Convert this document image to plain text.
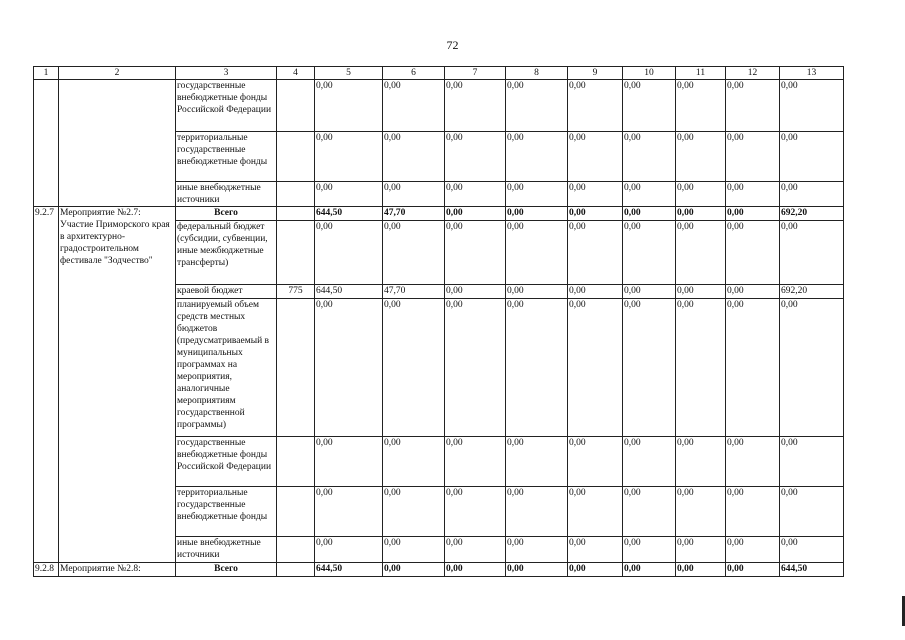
72
1	2	3	4	5	6	7	8	9	10	11	12	13
		государственные внебюджетные фонды Российской Федерации		0,00	0,00	0,00	0,00	0,00	0,00	0,00	0,00	0,00
		территориальные государственные внебюджетные фонды		0,00	0,00	0,00	0,00	0,00	0,00	0,00	0,00	0,00
		иные внебюджетные источники		0,00	0,00	0,00	0,00	0,00	0,00	0,00	0,00	0,00
9.2.7	Мероприятие №2.7: Участие Приморского края в архитектурно-градостроительном фестивале "Зодчество"	Всего		644,50	47,70	0,00	0,00	0,00	0,00	0,00	0,00	692,20
		федеральный бюджет (субсидии, субвенции, иные межбюджетные трансферты)		0,00	0,00	0,00	0,00	0,00	0,00	0,00	0,00	0,00
		краевой бюджет	775	644,50	47,70	0,00	0,00	0,00	0,00	0,00	0,00	692,20
		планируемый объем средств местных бюджетов (предусматриваемый в муниципальных программах на мероприятия, аналогичные мероприятиям государственной программы)		0,00	0,00	0,00	0,00	0,00	0,00	0,00	0,00	0,00
		государственные внебюджетные фонды Российской Федерации		0,00	0,00	0,00	0,00	0,00	0,00	0,00	0,00	0,00
		территориальные государственные внебюджетные фонды		0,00	0,00	0,00	0,00	0,00	0,00	0,00	0,00	0,00
		иные внебюджетные источники		0,00	0,00	0,00	0,00	0,00	0,00	0,00	0,00	0,00
9.2.8	Мероприятие №2.8:	Всего		644,50	0,00	0,00	0,00	0,00	0,00	0,00	0,00	644,50
